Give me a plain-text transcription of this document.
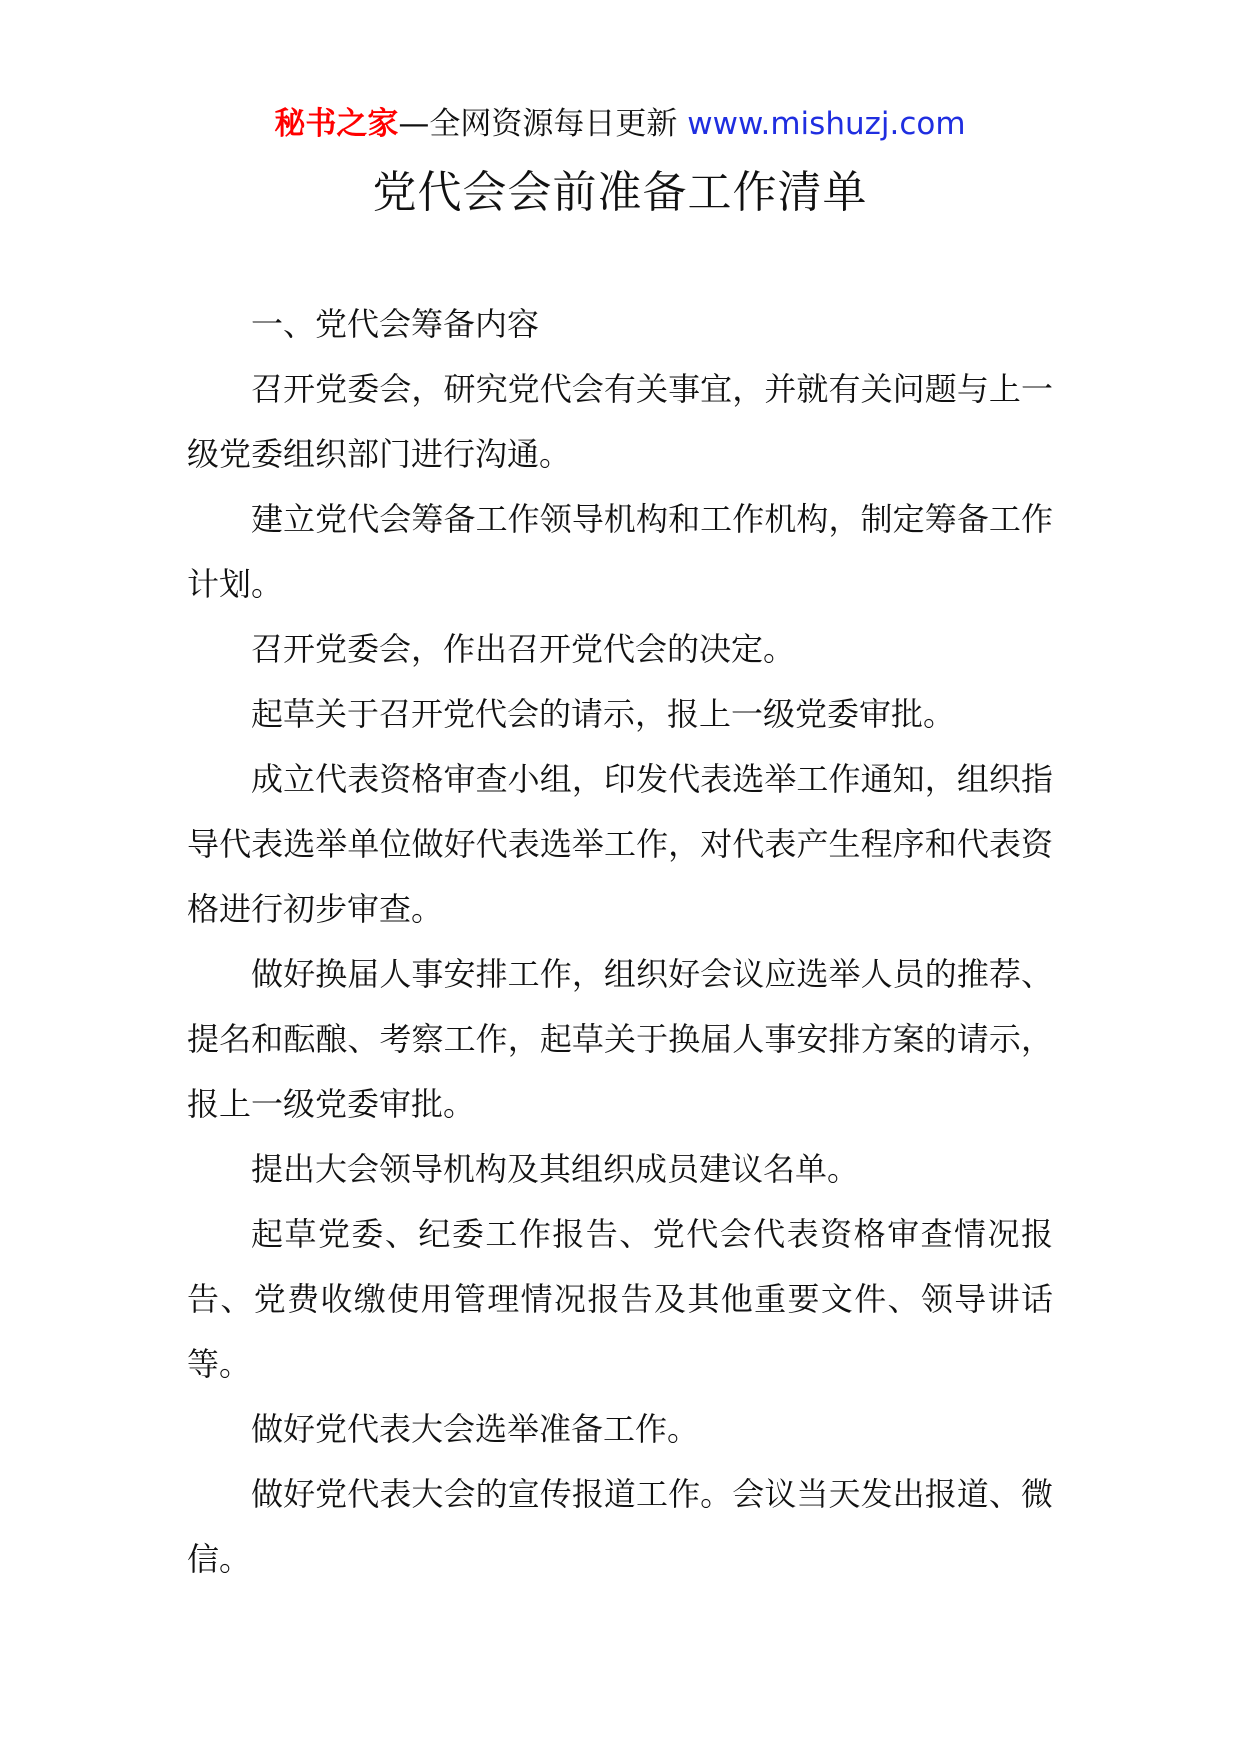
秘书之家—全网资源每日更新 www.mishuzj.com
党代会会前准备工作清单

一、党代会筹备内容

召开党委会，研究党代会有关事宜，并就有关问题与上一级党委组织部门进行沟通。

建立党代会筹备工作领导机构和工作机构，制定筹备工作计划。

召开党委会，作出召开党代会的决定。

起草关于召开党代会的请示，报上一级党委审批。

成立代表资格审查小组，印发代表选举工作通知，组织指导代表选举单位做好代表选举工作，对代表产生程序和代表资格进行初步审查。

做好换届人事安排工作，组织好会议应选举人员的推荐、提名和酝酿、考察工作，起草关于换届人事安排方案的请示，报上一级党委审批。

提出大会领导机构及其组织成员建议名单。

起草党委、纪委工作报告、党代会代表资格审查情况报告、党费收缴使用管理情况报告及其他重要文件、领导讲话等。

做好党代表大会选举准备工作。

做好党代表大会的宣传报道工作。会议当天发出报道、微信。
